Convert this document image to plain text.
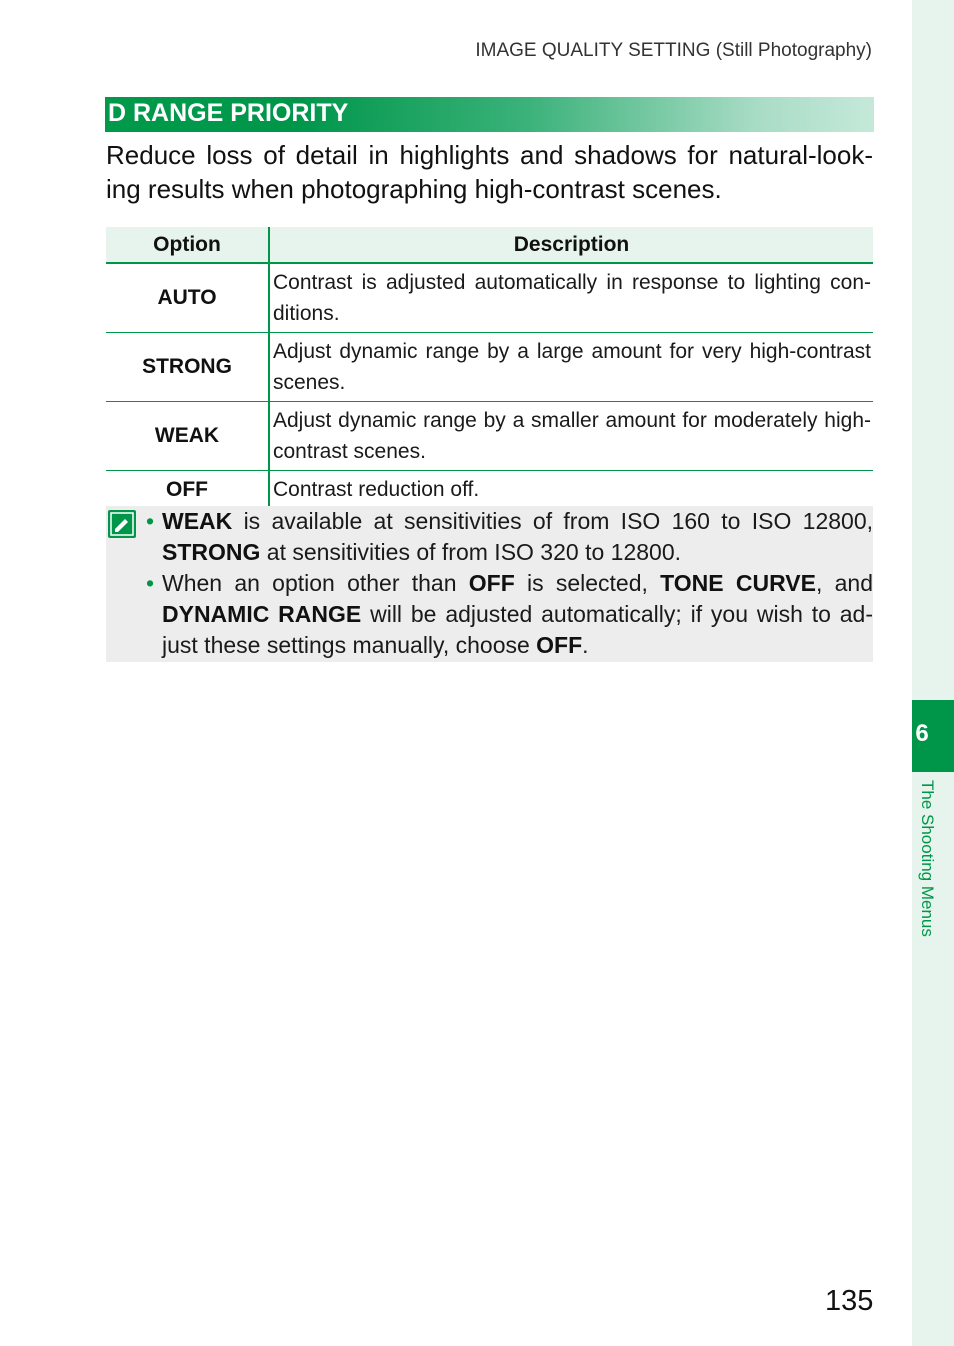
IMAGE QUALITY SETTING (Still Photography)
D RANGE PRIORITY
Reduce loss of detail in highlights and shadows for natural-look- ing results when photographing high-contrast scenes.
Option	Description
AUTO	Contrast is adjusted automatically in response to lighting con- ditions.
STRONG	Adjust dynamic range by a large amount for very high-contrast scenes.
WEAK	Adjust dynamic range by a smaller amount for moderately high-contrast scenes.
OFF	Contrast reduction off.
• WEAK is available at sensitivities of from ISO 160 to ISO 12800, STRONG at sensitivities of from ISO 320 to 12800.
• When an option other than OFF is selected, TONE CURVE, and DYNAMIC RANGE will be adjusted automatically; if you wish to ad- just these settings manually, choose OFF.
6
The Shooting Menus
135
